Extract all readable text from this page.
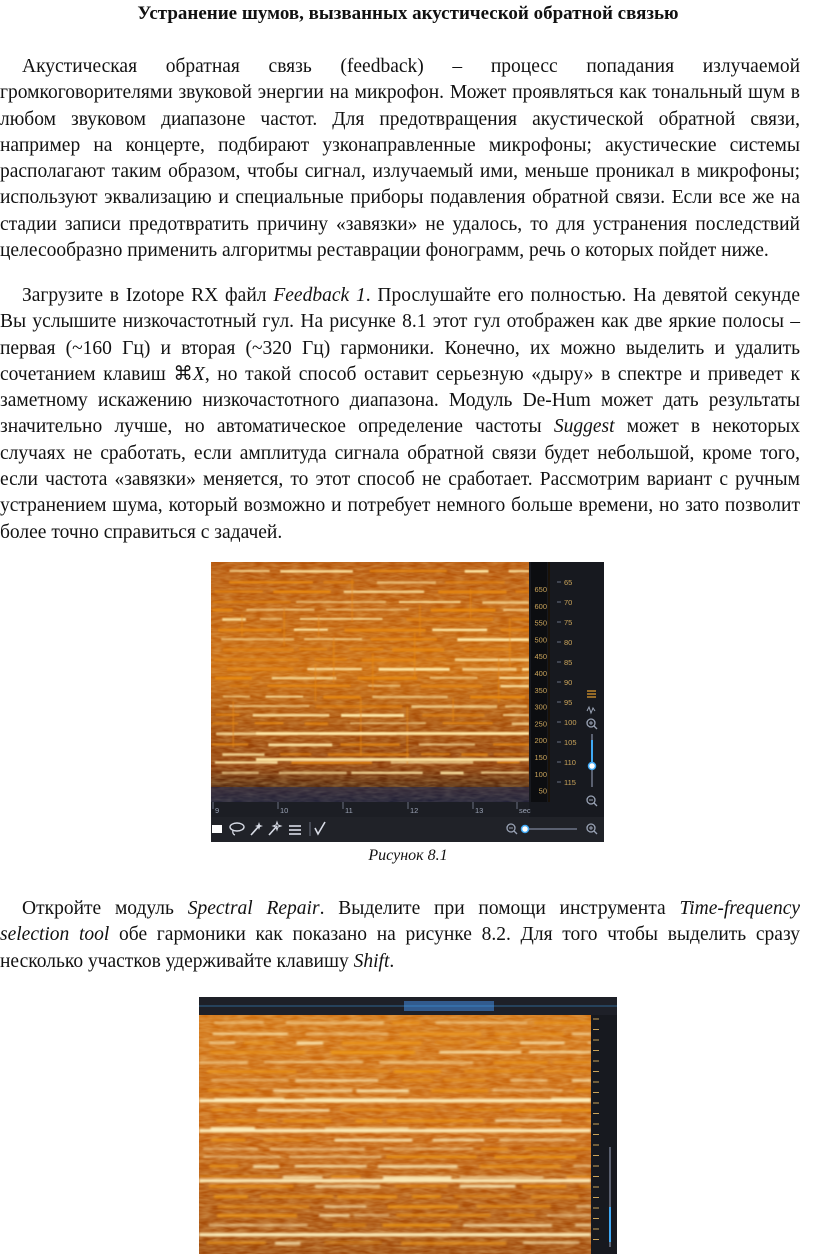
Устранение шумов, вызванных акустической обратной связью

Акустическая обратная связь (feedback) – процесс попадания излучаемой громкоговорителями звуковой энергии на микрофон. Может проявляться как тональный шум в любом звуковом диапазоне частот. Для предотвращения акустической обратной связи, например на концерте, подбирают узконаправленные микрофоны; акустические системы располагают таким образом, чтобы сигнал, излучаемый ими, меньше проникал в микрофоны; используют эквализацию и специальные приборы подавления обратной связи. Если все же на стадии записи предотвратить причину «завязки» не удалось, то для устранения последствий целесообразно применить алгоритмы реставрации фонограмм, речь о которых пойдет ниже.

Загрузите в Izotope RX файл Feedback 1. Прослушайте его полностью. На девятой секунде Вы услышите низкочастотный гул. На рисунке 8.1 этот гул отображен как две яркие полосы – первая (~160 Гц) и вторая (~320 Гц) гармоники. Конечно, их можно выделить и удалить сочетанием клавиш ⌘X, но такой способ оставит серьезную «дыру» в спектре и приведет к заметному искажению низкочастотного диапазона. Модуль De-Hum может дать результаты значительно лучше, но автоматическое определение частоты Suggest может в некоторых случаях не сработать, если амплитуда сигнала обратной связи будет небольшой, кроме того, если частота «завязки» меняется, то этот способ не сработает. Рассмотрим вариант с ручным устранением шума, который возможно и потребует немного больше времени, но зато позволит более точно справиться с задачей.

650
600
550
500
450
400
350
300
250
200
150
100
50
65
70
75
80
85
90
95
100
105
110
115
9	10	11	12	13	sec
Рисунок 8.1

Откройте модуль Spectral Repair. Выделите при помощи инструмента Time-frequency selection tool обе гармоники как показано на рисунке 8.2. Для того чтобы выделить сразу несколько участков удерживайте клавишу Shift.
